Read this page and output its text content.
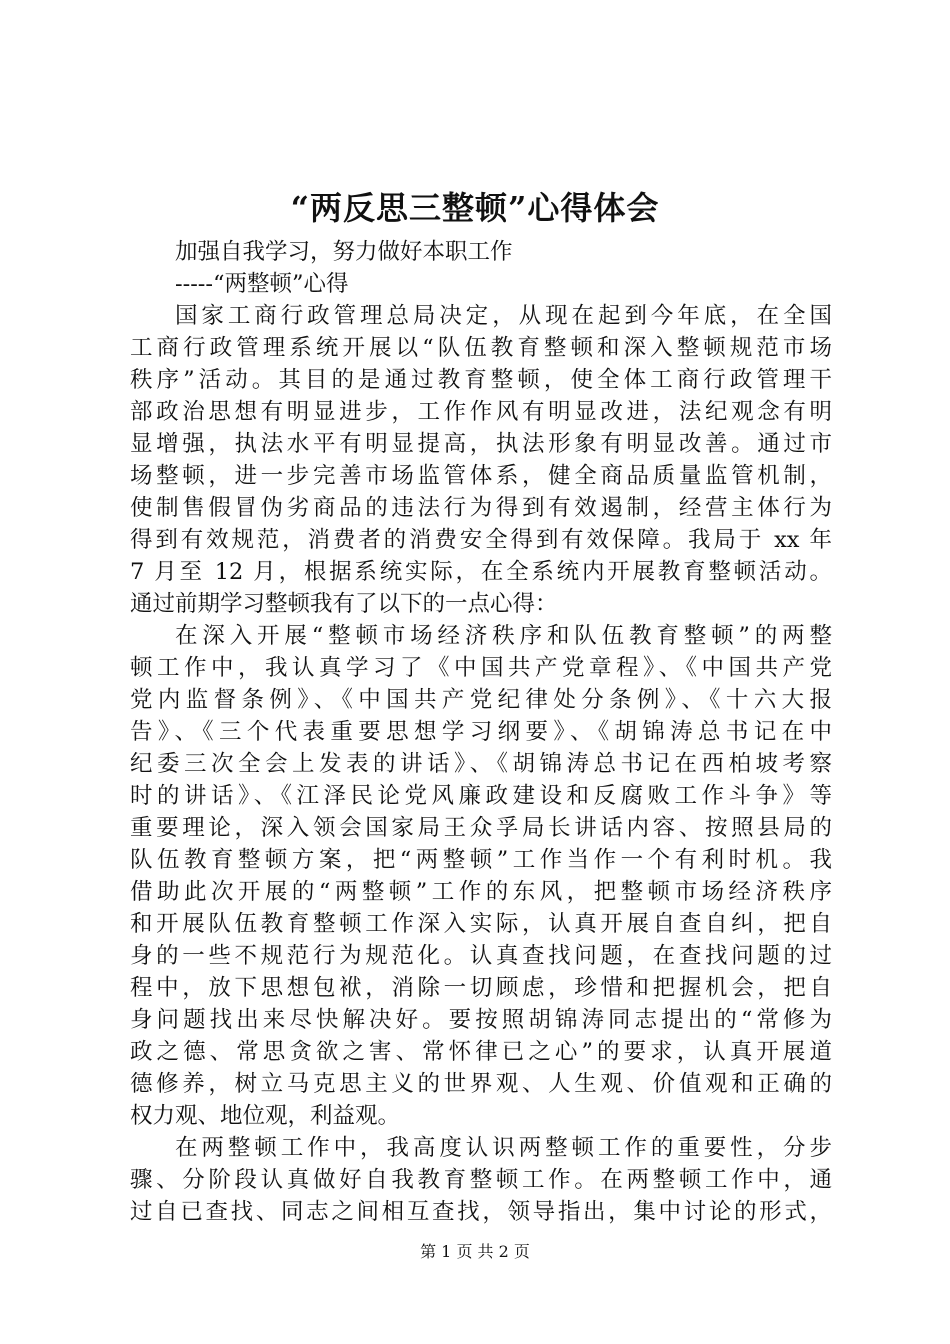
“两反思三整顿”心得体会
加强自我学习，努力做好本职工作
-----“两整顿”心得
国家工商行政管理总局决定，从现在起到今年底，在全国
工商行政管理系统开展以“队伍教育整顿和深入整顿规范市场
秩序”活动。其目的是通过教育整顿，使全体工商行政管理干
部政治思想有明显进步，工作作风有明显改进，法纪观念有明
显增强，执法水平有明显提高，执法形象有明显改善。通过市
场整顿，进一步完善市场监管体系，健全商品质量监管机制，
使制售假冒伪劣商品的违法行为得到有效遏制，经营主体行为
得到有效规范，消费者的消费安全得到有效保障。我局于 xx 年
7 月至 12 月，根据系统实际，在全系统内开展教育整顿活动。
通过前期学习整顿我有了以下的一点心得：
在深入开展“整顿市场经济秩序和队伍教育整顿”的两整
顿工作中，我认真学习了《中国共产党章程》、《中国共产党
党内监督条例》、《中国共产党纪律处分条例》、《十六大报
告》、《三个代表重要思想学习纲要》、《胡锦涛总书记在中
纪委三次全会上发表的讲话》、《胡锦涛总书记在西柏坡考察
时的讲话》、《江泽民论党风廉政建设和反腐败工作斗争》等
重要理论，深入领会国家局王众孚局长讲话内容、按照县局的
队伍教育整顿方案，把“两整顿”工作当作一个有利时机。我
借助此次开展的“两整顿”工作的东风，把整顿市场经济秩序
和开展队伍教育整顿工作深入实际，认真开展自查自纠，把自
身的一些不规范行为规范化。认真查找问题，在查找问题的过
程中，放下思想包袱，消除一切顾虑，珍惜和把握机会，把自
身问题找出来尽快解决好。要按照胡锦涛同志提出的“常修为
政之德、常思贪欲之害、常怀律已之心”的要求，认真开展道
德修养，树立马克思主义的世界观、人生观、价值观和正确的
权力观、地位观，利益观。
在两整顿工作中，我高度认识两整顿工作的重要性，分步
骤、分阶段认真做好自我教育整顿工作。在两整顿工作中，通
过自已查找、同志之间相互查找，领导指出，集中讨论的形式，
第 1 页 共 2 页
